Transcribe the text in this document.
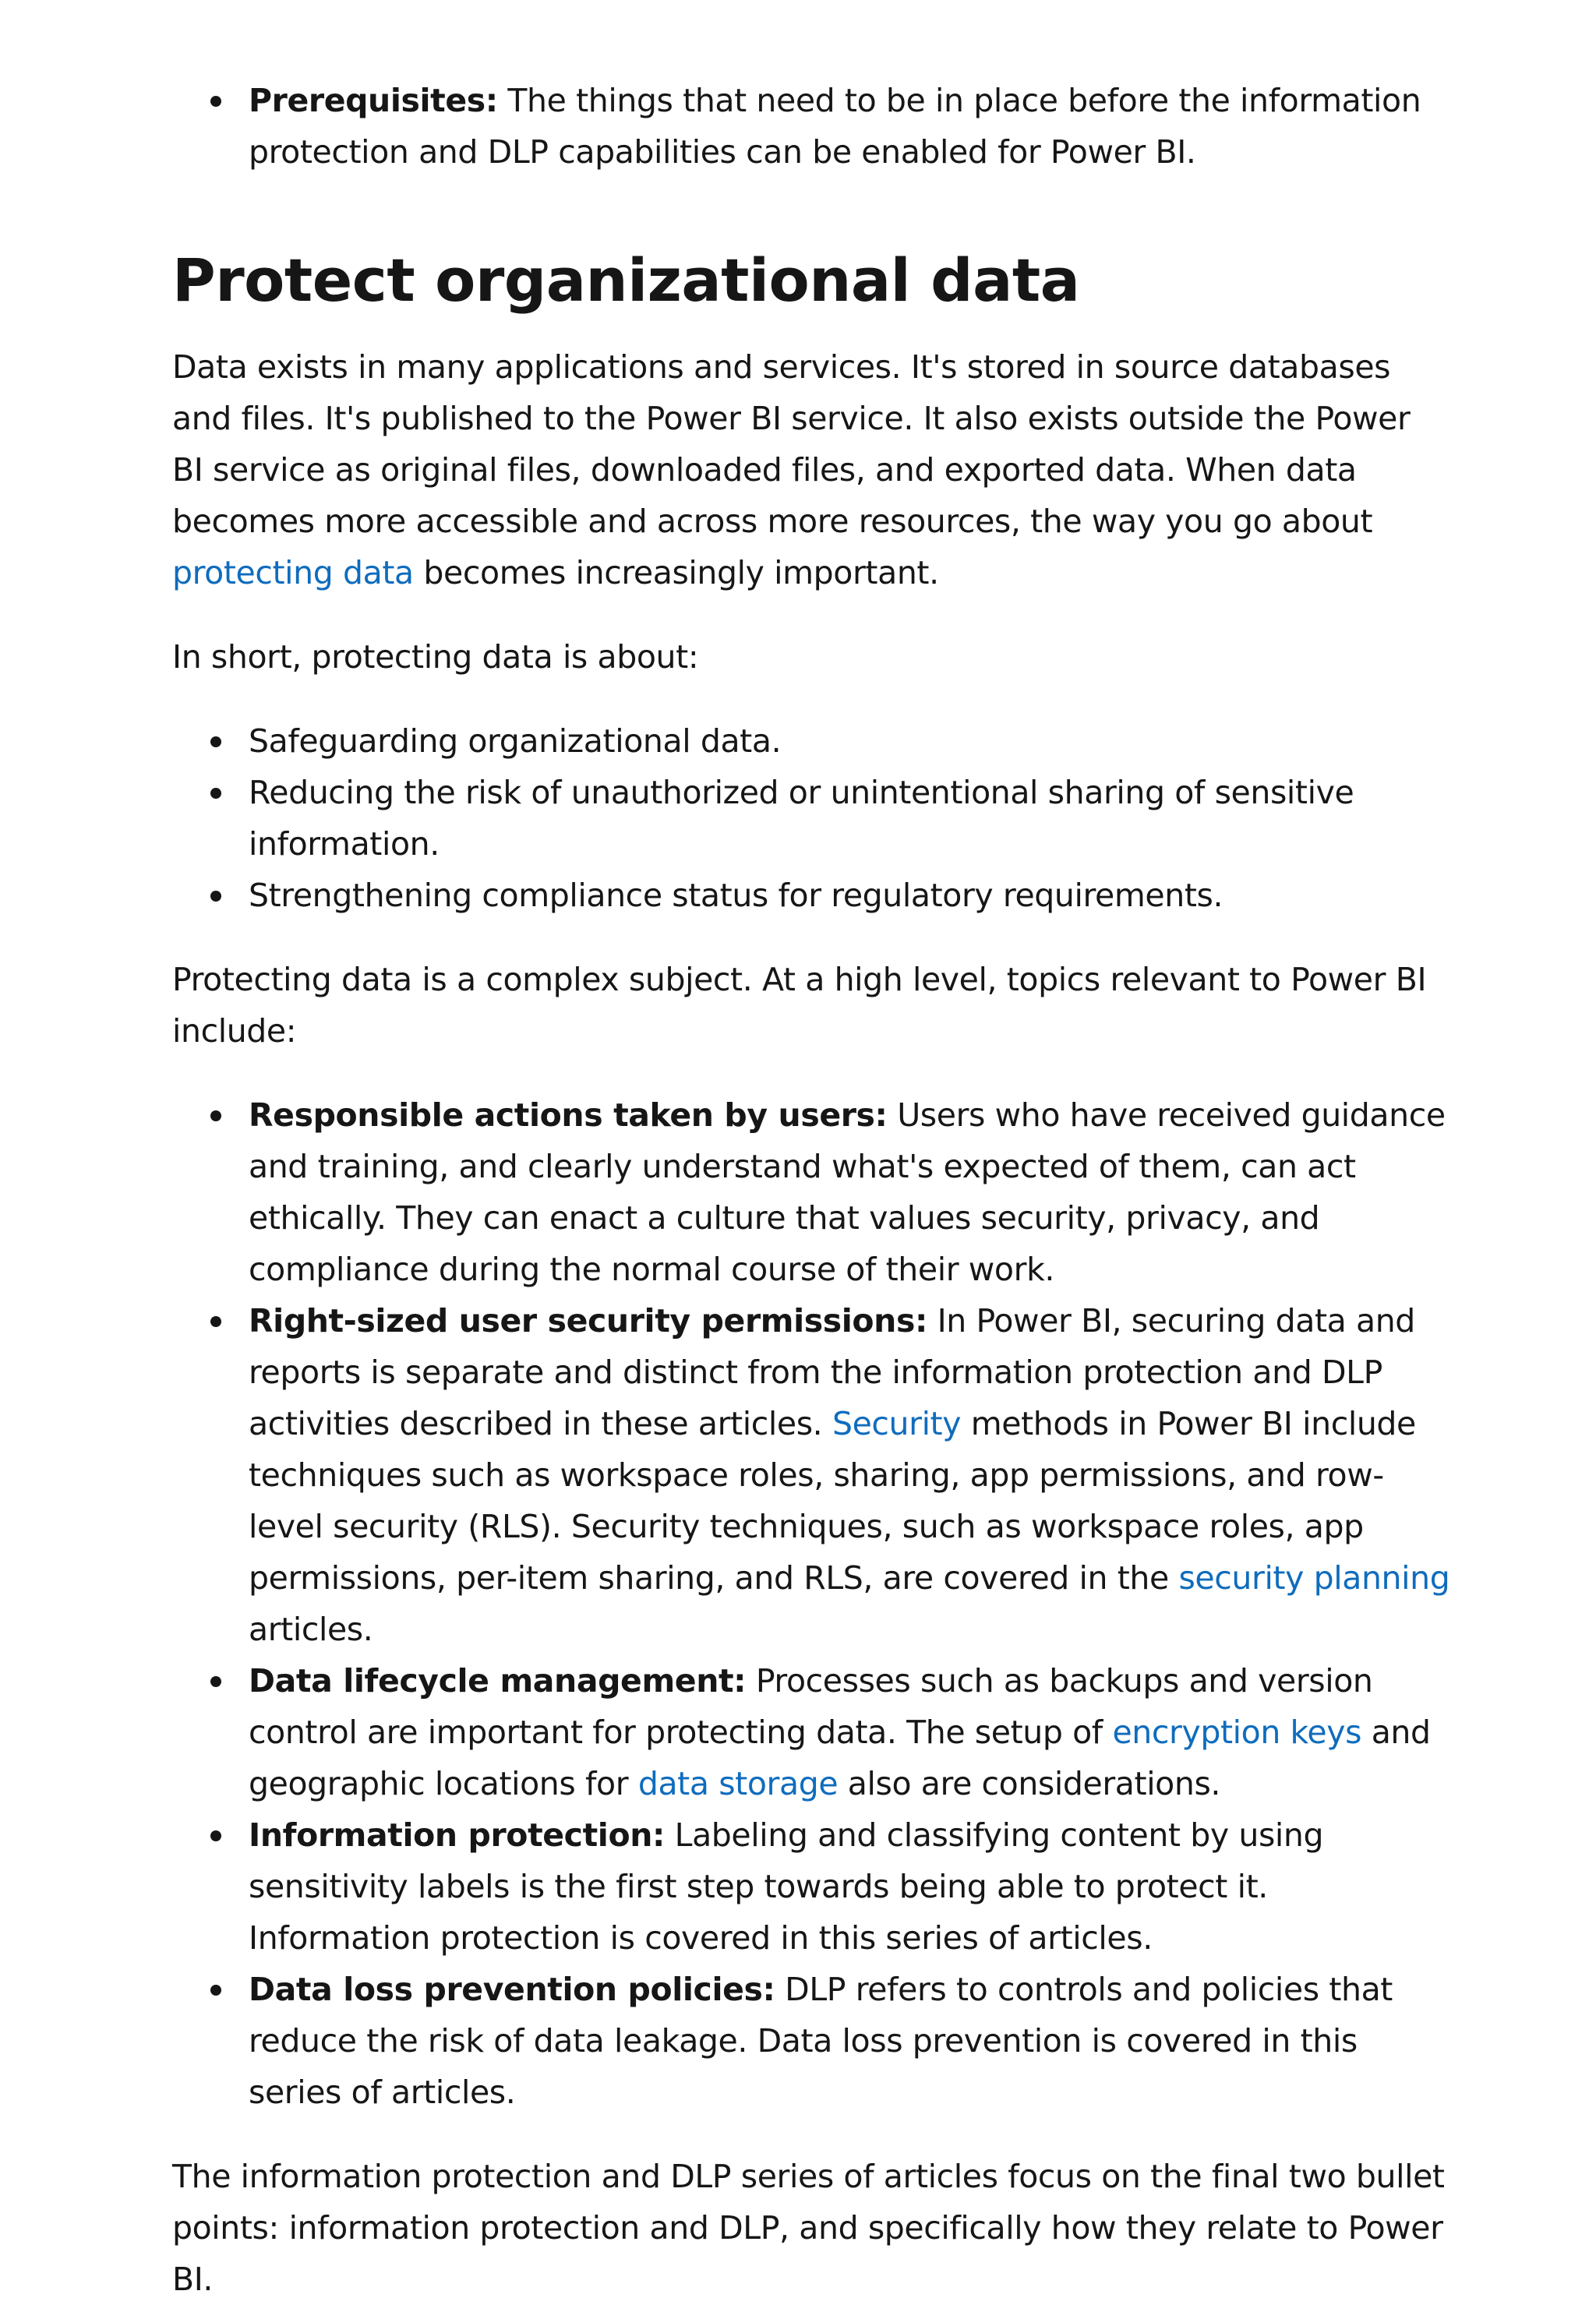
Prerequisites: The things that need to be in place before the information protection and DLP capabilities can be enabled for Power BI.
Protect organizational data

Data exists in many applications and services. It's stored in source databases and files. It's published to the Power BI service. It also exists outside the Power BI service as original files, downloaded files, and exported data. When data becomes more accessible and across more resources, the way you go about protecting data becomes increasingly important.

In short, protecting data is about:

Safeguarding organizational data.
Reducing the risk of unauthorized or unintentional sharing of sensitive information.
Strengthening compliance status for regulatory requirements.

Protecting data is a complex subject. At a high level, topics relevant to Power BI include:

Responsible actions taken by users: Users who have received guidance and training, and clearly understand what's expected of them, can act ethically. They can enact a culture that values security, privacy, and compliance during the normal course of their work.
Right-sized user security permissions: In Power BI, securing data and reports is separate and distinct from the information protection and DLP activities described in these articles. Security methods in Power BI include techniques such as workspace roles, sharing, app permissions, and row-level security (RLS). Security techniques, such as workspace roles, app permissions, per-item sharing, and RLS, are covered in the security planning articles.
Data lifecycle management: Processes such as backups and version control are important for protecting data. The setup of encryption keys and geographic locations for data storage also are considerations.
Information protection: Labeling and classifying content by using sensitivity labels is the first step towards being able to protect it. Information protection is covered in this series of articles.
Data loss prevention policies: DLP refers to controls and policies that reduce the risk of data leakage. Data loss prevention is covered in this series of articles.

The information protection and DLP series of articles focus on the final two bullet points: information protection and DLP, and specifically how they relate to Power BI.
